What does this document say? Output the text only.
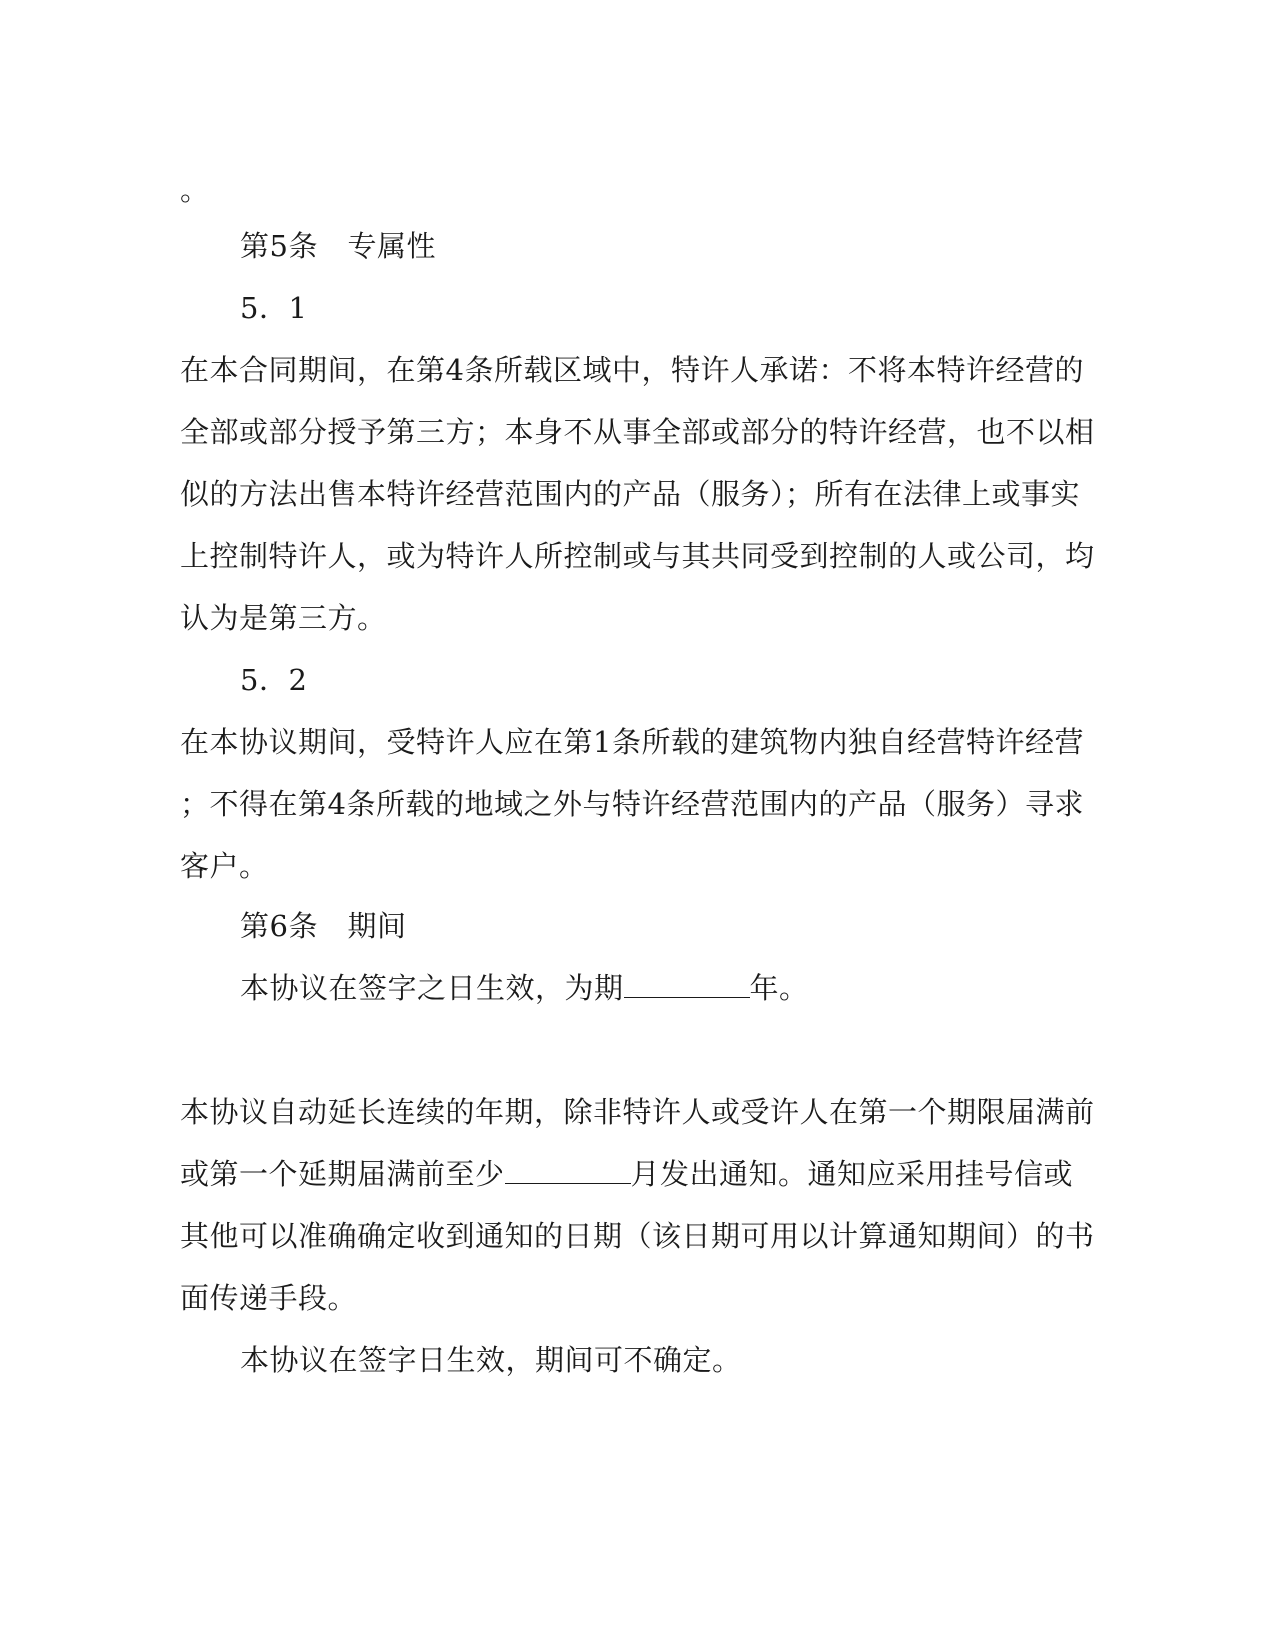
。
第5条　专属性
5．1
在本合同期间，在第4条所载区域中，特许人承诺：不将本特许经营的
全部或部分授予第三方；本身不从事全部或部分的特许经营，也不以相
似的方法出售本特许经营范围内的产品（服务）；所有在法律上或事实
上控制特许人，或为特许人所控制或与其共同受到控制的人或公司，均
认为是第三方。
5．2
在本协议期间，受特许人应在第1条所载的建筑物内独自经营特许经营
；不得在第4条所载的地域之外与特许经营范围内的产品（服务）寻求
客户。
第6条　期间
本协议在签字之日生效，为期	年。
本协议自动延长连续的年期，除非特许人或受许人在第一个期限届满前
或第一个延期届满前至少	月发出通知。通知应采用挂号信或
其他可以准确确定收到通知的日期（该日期可用以计算通知期间）的书
面传递手段。
本协议在签字日生效，期间可不确定。
